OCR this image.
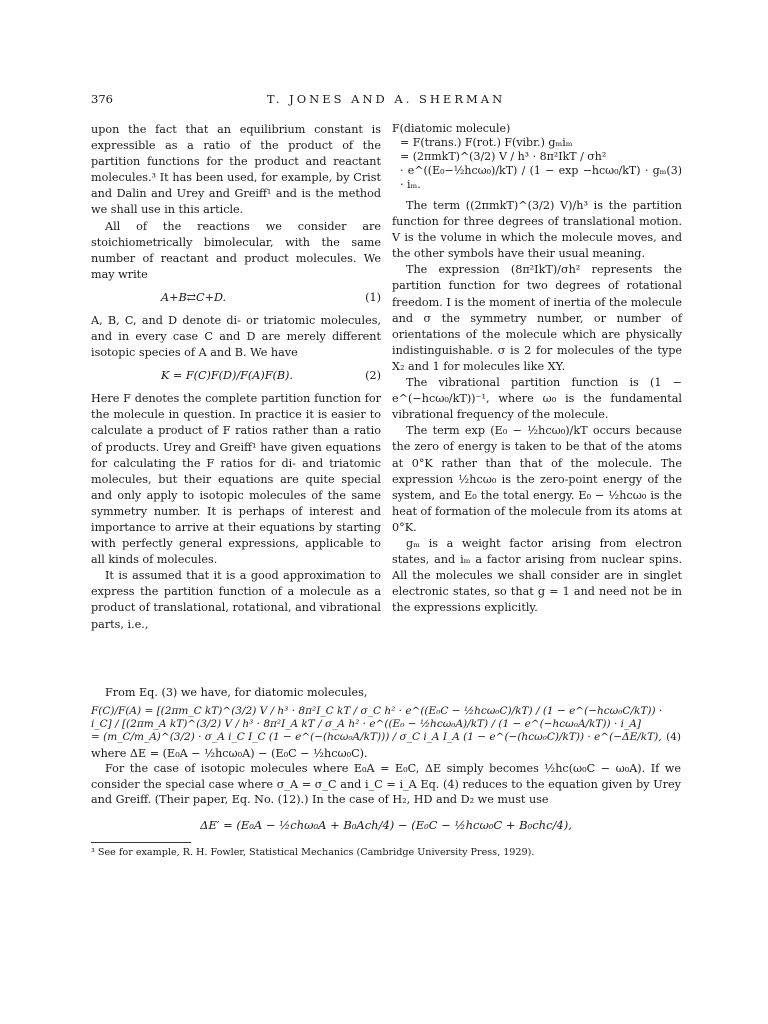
376	T. JONES AND A. SHERMAN

upon the fact that an equilibrium constant is expressible as a ratio of the product of the partition functions for the product and reactant molecules.³ It has been used, for example, by Crist and Dalin and Urey and Greiff¹ and is the method we shall use in this article.

All of the reactions we consider are stoichiometrically bimolecular, with the same number of reactant and product molecules. We may write

A+B⇄C+D.	(1)

A, B, C, and D denote di- or triatomic molecules, and in every case C and D are merely different isotopic species of A and B. We have

K = F(C)F(D)/F(A)F(B).	(2)

Here F denotes the complete partition function for the molecule in question. In practice it is easier to calculate a product of F ratios rather than a ratio of products. Urey and Greiff¹ have given equations for calculating the F ratios for di- and triatomic molecules, but their equations are quite special and only apply to isotopic molecules of the same symmetry number. It is perhaps of interest and importance to arrive at their equations by starting with perfectly general expressions, applicable to all kinds of molecules.

It is assumed that it is a good approximation to express the partition function of a molecule as a product of translational, rotational, and vibrational parts, i.e.,

F(diatomic molecule)
= F(trans.) F(rot.) F(vibr.) gₘiₘ
= (2πmkT)^(3/2) V / h³ · 8π²IkT / σh²
· e^((E₀−½hcω₀)/kT) / (1 − exp −hcω₀/kT) · gₘ · iₘ.
(3)

The term ((2πmkT)^(3/2) V)/h³ is the partition function for three degrees of translational motion. V is the volume in which the molecule moves, and the other symbols have their usual meaning.

The expression (8π²IkT)/σh² represents the partition function for two degrees of rotational freedom. I is the moment of inertia of the molecule and σ the symmetry number, or number of orientations of the molecule which are physically indistinguishable. σ is 2 for molecules of the type X₂ and 1 for molecules like XY.

The vibrational partition function is (1 − e^(−hcω₀/kT))⁻¹, where ω₀ is the fundamental vibrational frequency of the molecule.

The term exp (E₀ − ½hcω₀)/kT occurs because the zero of energy is taken to be that of the atoms at 0°K rather than that of the molecule. The expression ½hcω₀ is the zero-point energy of the system, and E₀ the total energy. E₀ − ½hcω₀ is the heat of formation of the molecule from its atoms at 0°K.

gₘ is a weight factor arising from electron states, and iₘ a factor arising from nuclear spins. All the molecules we shall consider are in singlet electronic states, so that g = 1 and need not be in the expressions explicitly.

From Eq. (3) we have, for diatomic molecules,

F(C)/F(A) = [(2πm_C kT)^(3/2) V / h³ · 8π²I_C kT / σ_C h² · e^((E₀C − ½hcω₀C)/kT) / (1 − e^(−hcω₀C/kT)) · i_C] / [(2πm_A kT)^(3/2) V / h³ · 8π²I_A kT / σ_A h² · e^((E₀ − ½hcω₀A)/kT) / (1 − e^(−hcω₀A/kT)) · i_A]
= (m_C/m_A)^(3/2) · σ_A i_C I_C (1 − e^(−(hcω₀A/kT))) / σ_C i_A I_A (1 − e^(−(hcω₀C)/kT)) · e^(−ΔE/kT), (4)

where ΔE = (E₀A − ½hcω₀A) − (E₀C − ½hcω₀C).

For the case of isotopic molecules where E₀A = E₀C, ΔE simply becomes ½hc(ω₀C − ω₀A). If we consider the special case where σ_A = σ_C and i_C = i_A Eq. (4) reduces to the equation given by Urey and Greiff. (Their paper, Eq. No. (12).) In the case of H₂, HD and D₂ we must use

ΔE′ = (E₀A − ½chω₀A + B₀Ach/4) − (E₀C − ½hcω₀C + B₀chc/4),
³ See for example, R. H. Fowler, Statistical Mechanics (Cambridge University Press, 1929).
